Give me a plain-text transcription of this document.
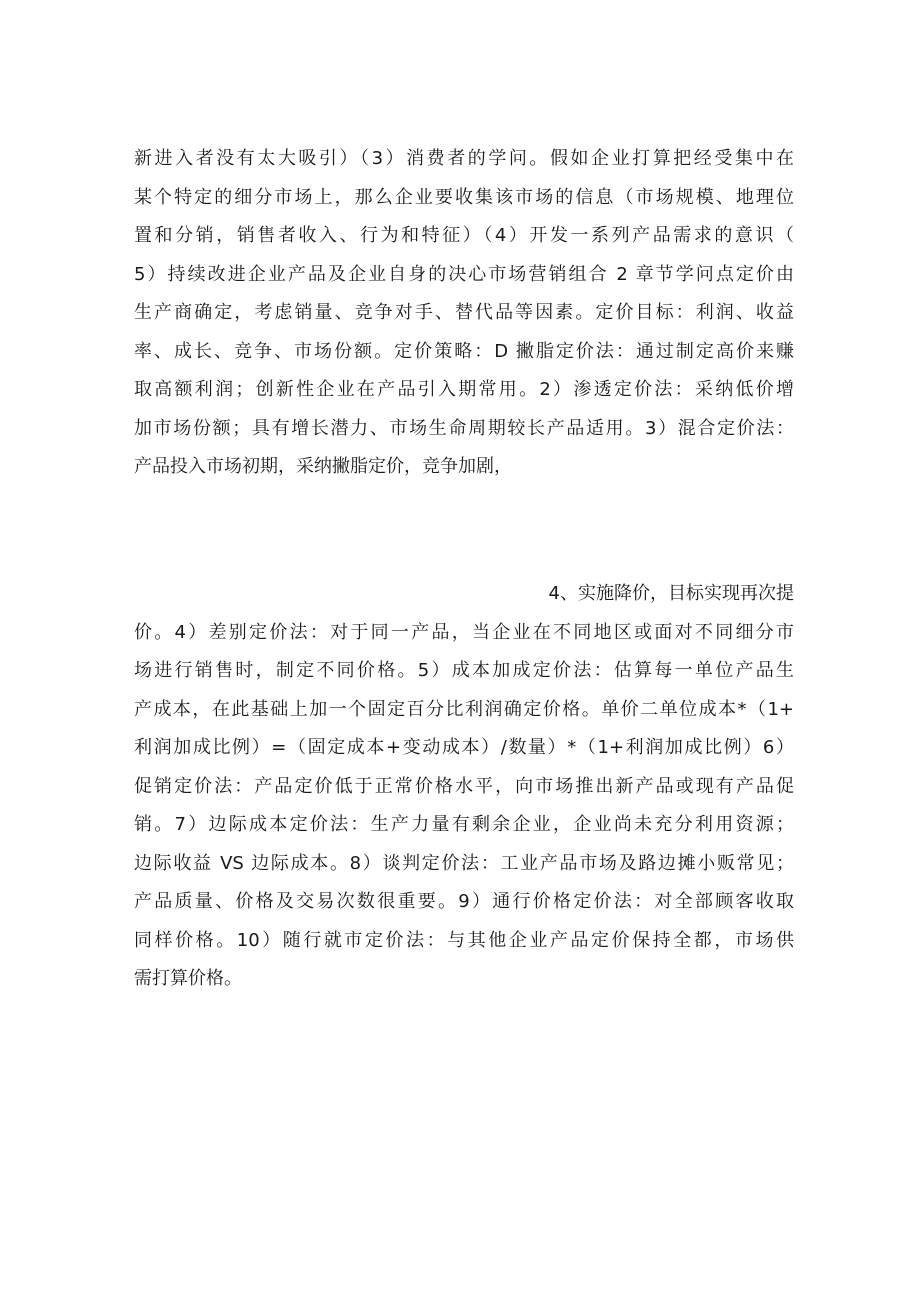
新进入者没有太大吸引）（3）消费者的学问。假如企业打算把经受集中在
某个特定的细分市场上，那么企业要收集该市场的信息（市场规模、地理位
置和分销，销售者收入、行为和特征）（4）开发一系列产品需求的意识（
5）持续改进企业产品及企业自身的决心市场营销组合 2 章节学问点定价由
生产商确定，考虑销量、竞争对手、替代品等因素。定价目标：利润、收益
率、成长、竞争、市场份额。定价策略：D 撇脂定价法：通过制定高价来赚
取高额利润；创新性企业在产品引入期常用。2）渗透定价法：采纳低价增
加市场份额；具有增长潜力、市场生命周期较长产品适用。3）混合定价法：
产品投入市场初期，采纳撇脂定价，竞争加剧，
4、实施降价，目标实现再次提
价。4）差别定价法：对于同一产品，当企业在不同地区或面对不同细分市
场进行销售时，制定不同价格。5）成本加成定价法：估算每一单位产品生
产成本，在此基础上加一个固定百分比利润确定价格。单价二单位成本*（1+
利润加成比例）=（固定成本+变动成本）/数量）*（1+利润加成比例）6）
促销定价法：产品定价低于正常价格水平，向市场推出新产品或现有产品促
销。7）边际成本定价法：生产力量有剩余企业，企业尚未充分利用资源；
边际收益 VS 边际成本。8）谈判定价法：工业产品市场及路边摊小贩常见；
产品质量、价格及交易次数很重要。9）通行价格定价法：对全部顾客收取
同样价格。10）随行就市定价法：与其他企业产品定价保持全都，市场供
需打算价格。
